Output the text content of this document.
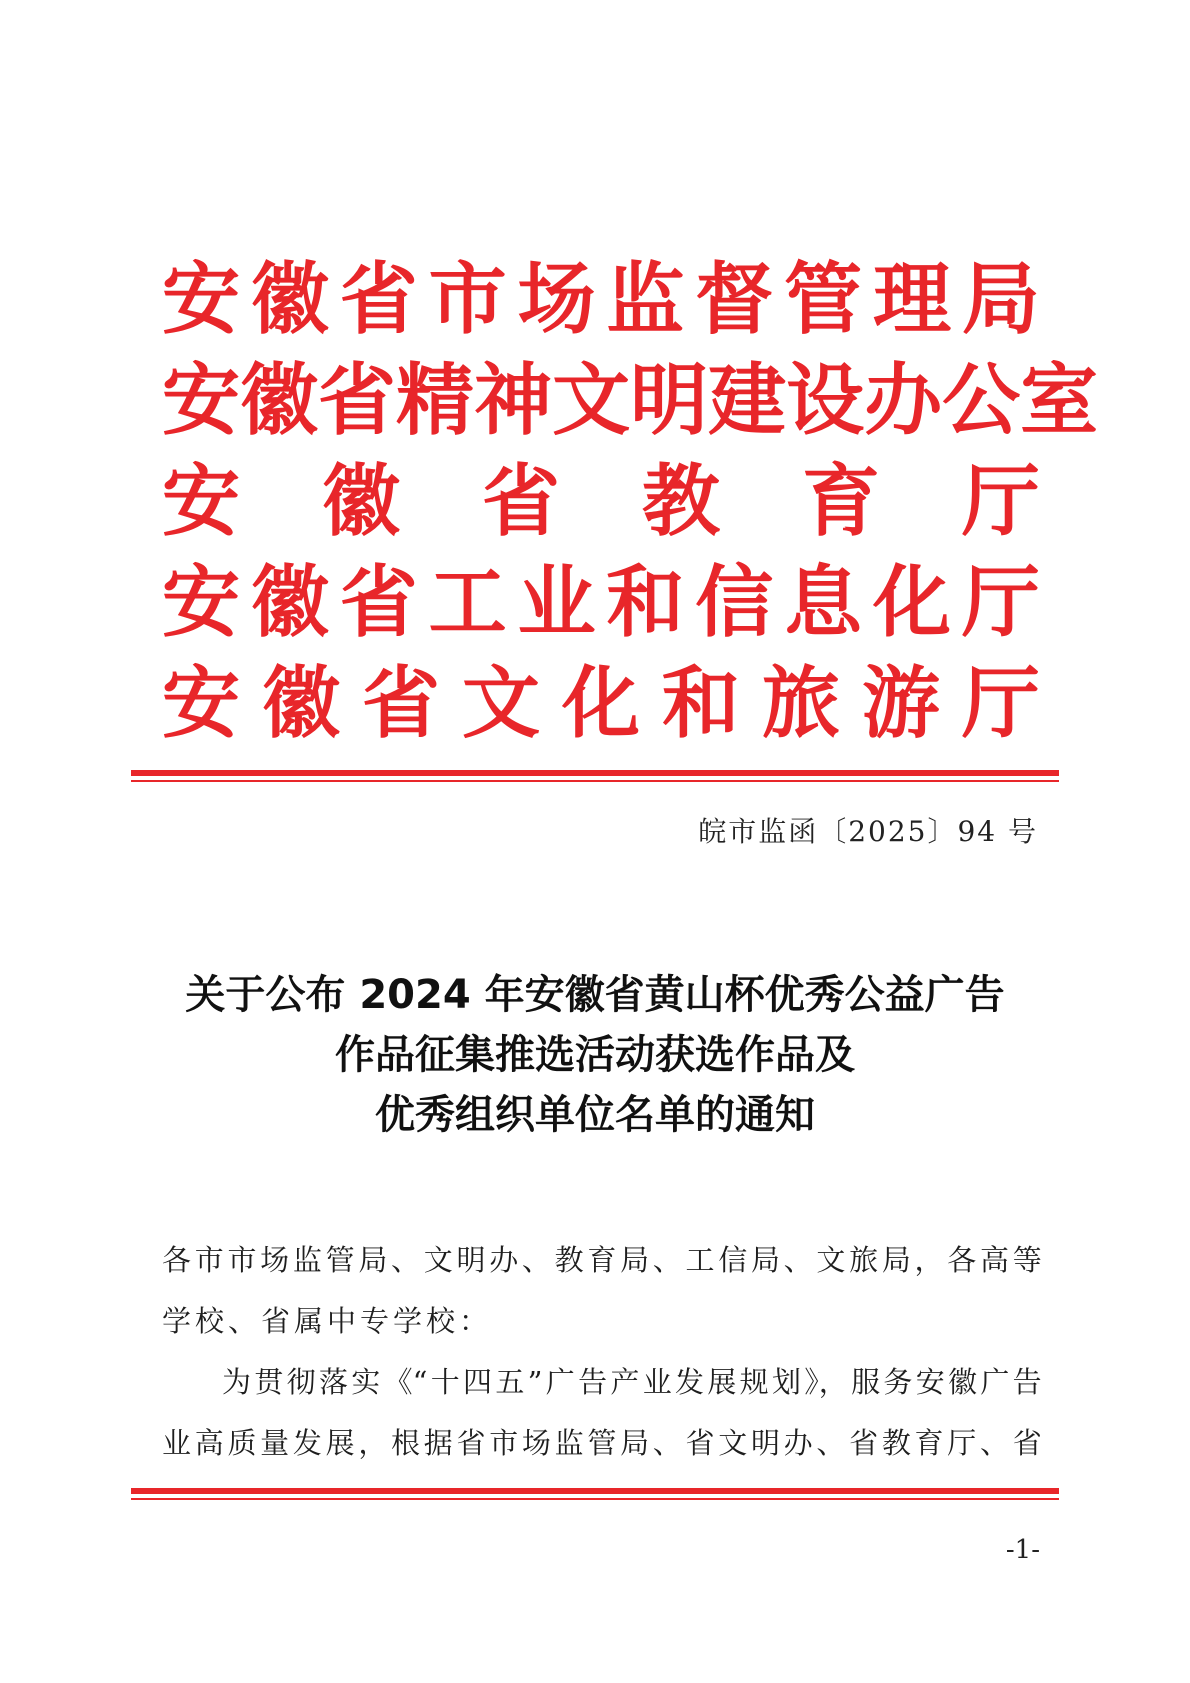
安 徽 省 市 场 监 督 管 理 局
安 徽 省 精 神 文 明 建 设 办 公 室
安 徽 省 教 育 厅
安 徽 省 工 业 和 信 息 化 厅
安 徽 省 文 化 和 旅 游 厅
皖市监函〔2025〕94 号
关于公布 2024 年安徽省黄山杯优秀公益广告
作品征集推选活动获选作品及
优秀组织单位名单的通知
各 市 市 场 监 管 局 、 文 明 办 、 教 育 局 、 工 信 局 、 文 旅 局 ， 各 高 等
学校、省属中专学校：
为 贯 彻 落 实 《“ 十 四 五 ” 广 告 产 业 发 展 规 划 》， 服 务 安 徽 广 告
业 高 质 量 发 展 ， 根 据 省 市 场 监 管 局 、 省 文 明 办 、 省 教 育 厅 、 省
-1-
